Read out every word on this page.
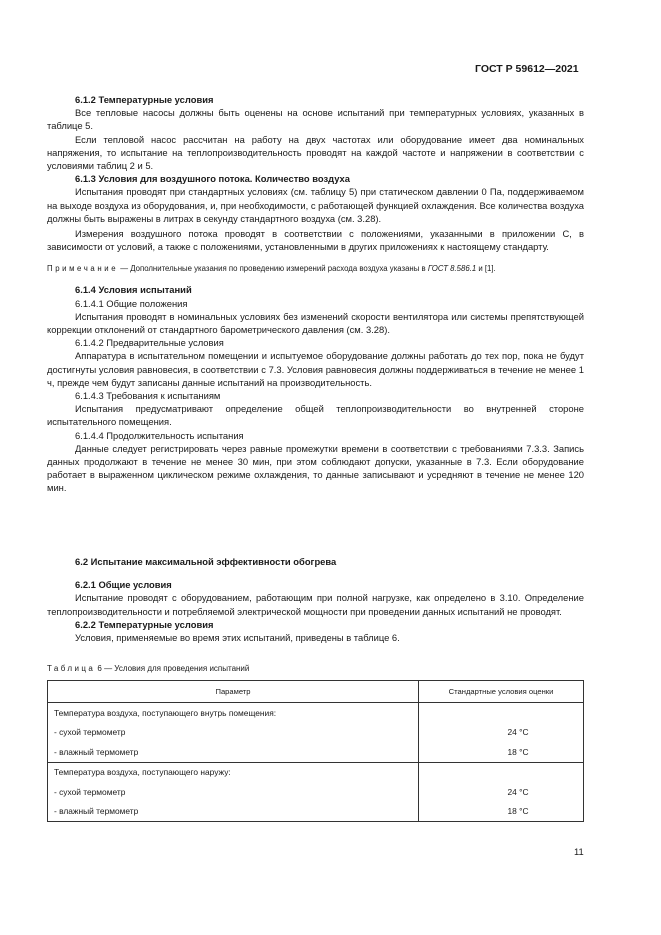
ГОСТ Р 59612—2021
6.1.2 Температурные условия

Все тепловые насосы должны быть оценены на основе испытаний при температурных условиях, указанных в таблице 5.

Если тепловой насос рассчитан на работу на двух частотах или оборудование имеет два номинальных напряжения, то испытание на теплопроизводительность проводят на каждой частоте и напряжении в соответствии с условиями таблиц 2 и 5.

6.1.3 Условия для воздушного потока. Количество воздуха

Испытания проводят при стандартных условиях (см. таблицу 5) при статическом давлении 0 Па, поддерживаемом на выходе воздуха из оборудования, и, при необходимости, с работающей функцией охлаждения. Все количества воздуха должны быть выражены в литрах в секунду стандартного воздуха (см. 3.28).

Измерения воздушного потока проводят в соответствии с положениями, указанными в приложении С, в зависимости от условий, а также с положениями, установленными в других приложениях к настоящему стандарту.

Примечание — Дополнительные указания по проведению измерений расхода воздуха указаны в ГОСТ 8.586.1 и [1].

6.1.4 Условия испытаний

6.1.4.1 Общие положения

Испытания проводят в номинальных условиях без изменений скорости вентилятора или системы препятствующей коррекции отклонений от стандартного барометрического давления (см. 3.28).

6.1.4.2 Предварительные условия

Аппаратура в испытательном помещении и испытуемое оборудование должны работать до тех пор, пока не будут достигнуты условия равновесия, в соответствии с 7.3. Условия равновесия должны поддерживаться в течение не менее 1 ч, прежде чем будут записаны данные испытаний на производительность.

6.1.4.3 Требования к испытаниям

Испытания предусматривают определение общей теплопроизводительности во внутренней стороне испытательного помещения.

6.1.4.4 Продолжительность испытания

Данные следует регистрировать через равные промежутки времени в соответствии с требованиями 7.3.3. Запись данных продолжают в течение не менее 30 мин, при этом соблюдают допуски, указанные в 7.3. Если оборудование работает в выраженном циклическом режиме охлаждения, то данные записывают и усредняют в течение не менее 120 мин.

6.2 Испытание максимальной эффективности обогрева
6.2.1 Общие условия

Испытание проводят с оборудованием, работающим при полной нагрузке, как определено в 3.10. Определение теплопроизводительности и потребляемой электрической мощности при проведении данных испытаний не проводят.

6.2.2 Температурные условия

Условия, применяемые во время этих испытаний, приведены в таблице 6.

Таблица 6 — Условия для проведения испытаний
Параметр	Стандартные условия оценки
Температура воздуха, поступающего внутрь помещения:	
- сухой термометр	24 °C
- влажный термометр	18 °C
Температура воздуха, поступающего наружу:	
- сухой термометр	24 °C
- влажный термометр	18 °C
11
